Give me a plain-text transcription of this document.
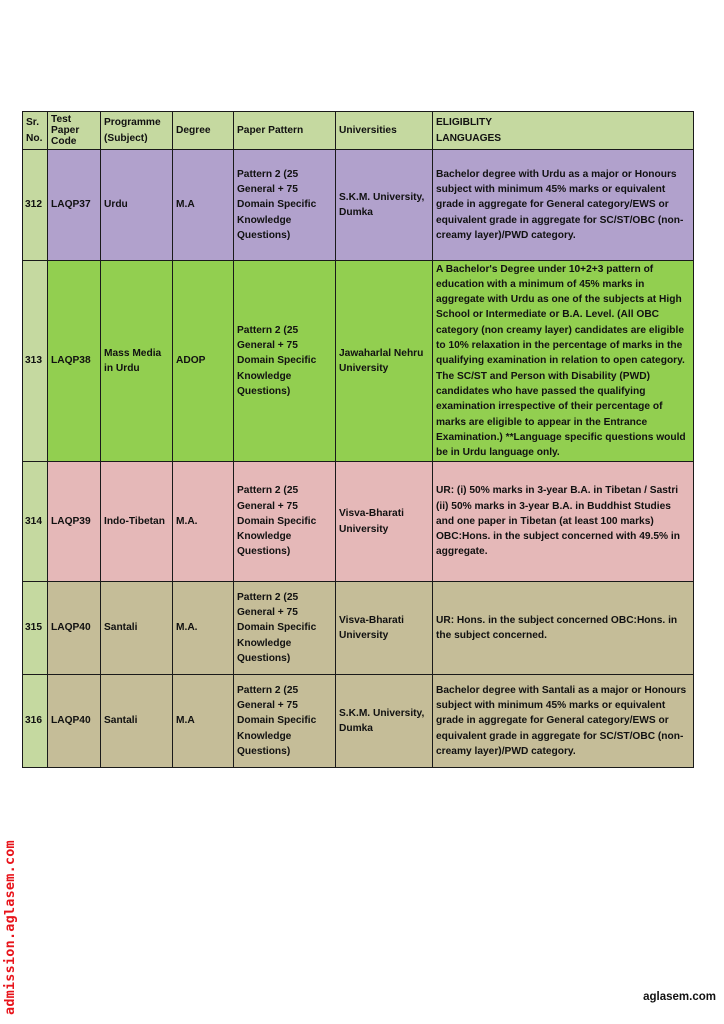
Sr. No.	Test Paper Code	Programme (Subject)	Degree	Paper Pattern	Universities	ELIGIBLITY
LANGUAGES
312	LAQP37	Urdu	M.A	Pattern 2 (25 General + 75 Domain Specific Knowledge Questions)	S.K.M. University, Dumka	Bachelor degree with Urdu as a major or Honours subject with minimum 45% marks or equivalent grade in aggregate for General category/EWS or equivalent grade in aggregate for SC/ST/OBC (non-creamy layer)/PWD category.
313	LAQP38	Mass Media in Urdu	ADOP	Pattern 2 (25 General + 75 Domain Specific Knowledge Questions)	Jawaharlal Nehru University	A Bachelor's Degree under 10+2+3 pattern of education with a minimum of 45% marks in aggregate with Urdu as one of the subjects at High School or Intermediate or B.A. Level. (All OBC category (non creamy layer) candidates are eligible to 10% relaxation in the percentage of marks in the qualifying examination in relation to open category. The SC/ST and Person with Disability (PWD) candidates who have passed the qualifying examination irrespective of their percentage of marks are eligible to appear in the Entrance Examination.) **Language specific questions would be in Urdu language only.
314	LAQP39	Indo-Tibetan	M.A.	Pattern 2 (25 General + 75 Domain Specific Knowledge Questions)	Visva-Bharati University	UR: (i) 50% marks in 3-year B.A. in Tibetan / Sastri (ii) 50% marks in 3-year B.A. in Buddhist Studies and one paper in Tibetan (at least 100 marks)
OBC:Hons. in the subject concerned with 49.5% in aggregate.
315	LAQP40	Santali	M.A.	Pattern 2 (25 General + 75 Domain Specific Knowledge Questions)	Visva-Bharati University	UR: Hons. in the subject concerned OBC:Hons. in the subject concerned.
316	LAQP40	Santali	M.A	Pattern 2 (25 General + 75 Domain Specific Knowledge Questions)	S.K.M. University, Dumka	Bachelor degree with Santali as a major or Honours subject with minimum 45% marks or equivalent grade in aggregate for General category/EWS or equivalent grade in aggregate for SC/ST/OBC (non-creamy layer)/PWD category.
admission.aglasem.com	aglasem.com
